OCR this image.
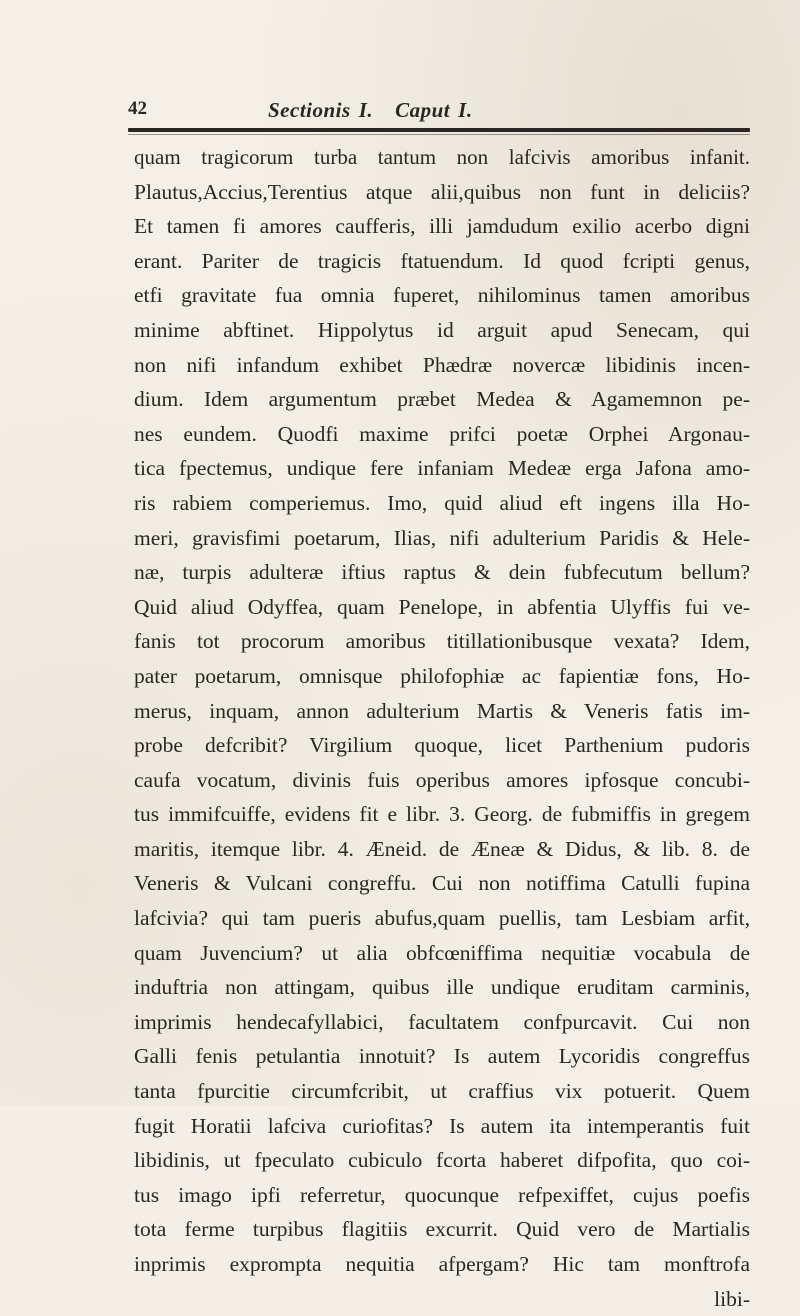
42	Sectionis I. Caput I.
quam tragicorum turba tantum non lafcivis amoribus infanit.
Plautus,Accius,Terentius atque alii,quibus non funt in deliciis?
Et tamen fi amores caufferis, illi jamdudum exilio acerbo digni
erant. Pariter de tragicis ftatuendum. Id quod fcripti genus,
etfi gravitate fua omnia fuperet, nihilominus tamen amoribus
minime abftinet. Hippolytus id arguit apud Senecam, qui
non nifi infandum exhibet Phædræ novercæ libidinis incen-
dium. Idem argumentum præbet Medea & Agamemnon pe-
nes eundem. Quodfi maxime prifci poetæ Orphei Argonau-
tica fpectemus, undique fere infaniam Medeæ erga Jafona amo-
ris rabiem comperiemus. Imo, quid aliud eft ingens illa Ho-
meri, gravisfimi poetarum, Ilias, nifi adulterium Paridis & Hele-
næ, turpis adulteræ iftius raptus & dein fubfecutum bellum?
Quid aliud Odyffea, quam Penelope, in abfentia Ulyffis fui ve-
fanis tot procorum amoribus titillationibusque vexata? Idem,
pater poetarum, omnisque philofophiæ ac fapientiæ fons, Ho-
merus, inquam, annon adulterium Martis & Veneris fatis im-
probe defcribit? Virgilium quoque, licet Parthenium pudoris
caufa vocatum, divinis fuis operibus amores ipfosque concubi-
tus immifcuiffe, evidens fit e libr. 3. Georg. de fubmiffis in gregem
maritis, itemque libr. 4. Æneid. de Æneæ & Didus, & lib. 8. de
Veneris & Vulcani congreffu. Cui non notiffima Catulli fupina
lafcivia? qui tam pueris abufus,quam puellis, tam Lesbiam arfit,
quam Juvencium? ut alia obfcœniffima nequitiæ vocabula de
induftria non attingam, quibus ille undique eruditam carminis,
imprimis hendecafyllabici, facultatem confpurcavit. Cui non
Galli fenis petulantia innotuit? Is autem Lycoridis congreffus
tanta fpurcitie circumfcribit, ut craffius vix potuerit. Quem
fugit Horatii lafciva curiofitas? Is autem ita intemperantis fuit
libidinis, ut fpeculato cubiculo fcorta haberet difpofita, quo coi-
tus imago ipfi referretur, quocunque refpexiffet, cujus poefis
tota ferme turpibus flagitiis excurrit. Quid vero de Martialis
inprimis exprompta nequitia afpergam? Hic tam monftrofa
libi-
